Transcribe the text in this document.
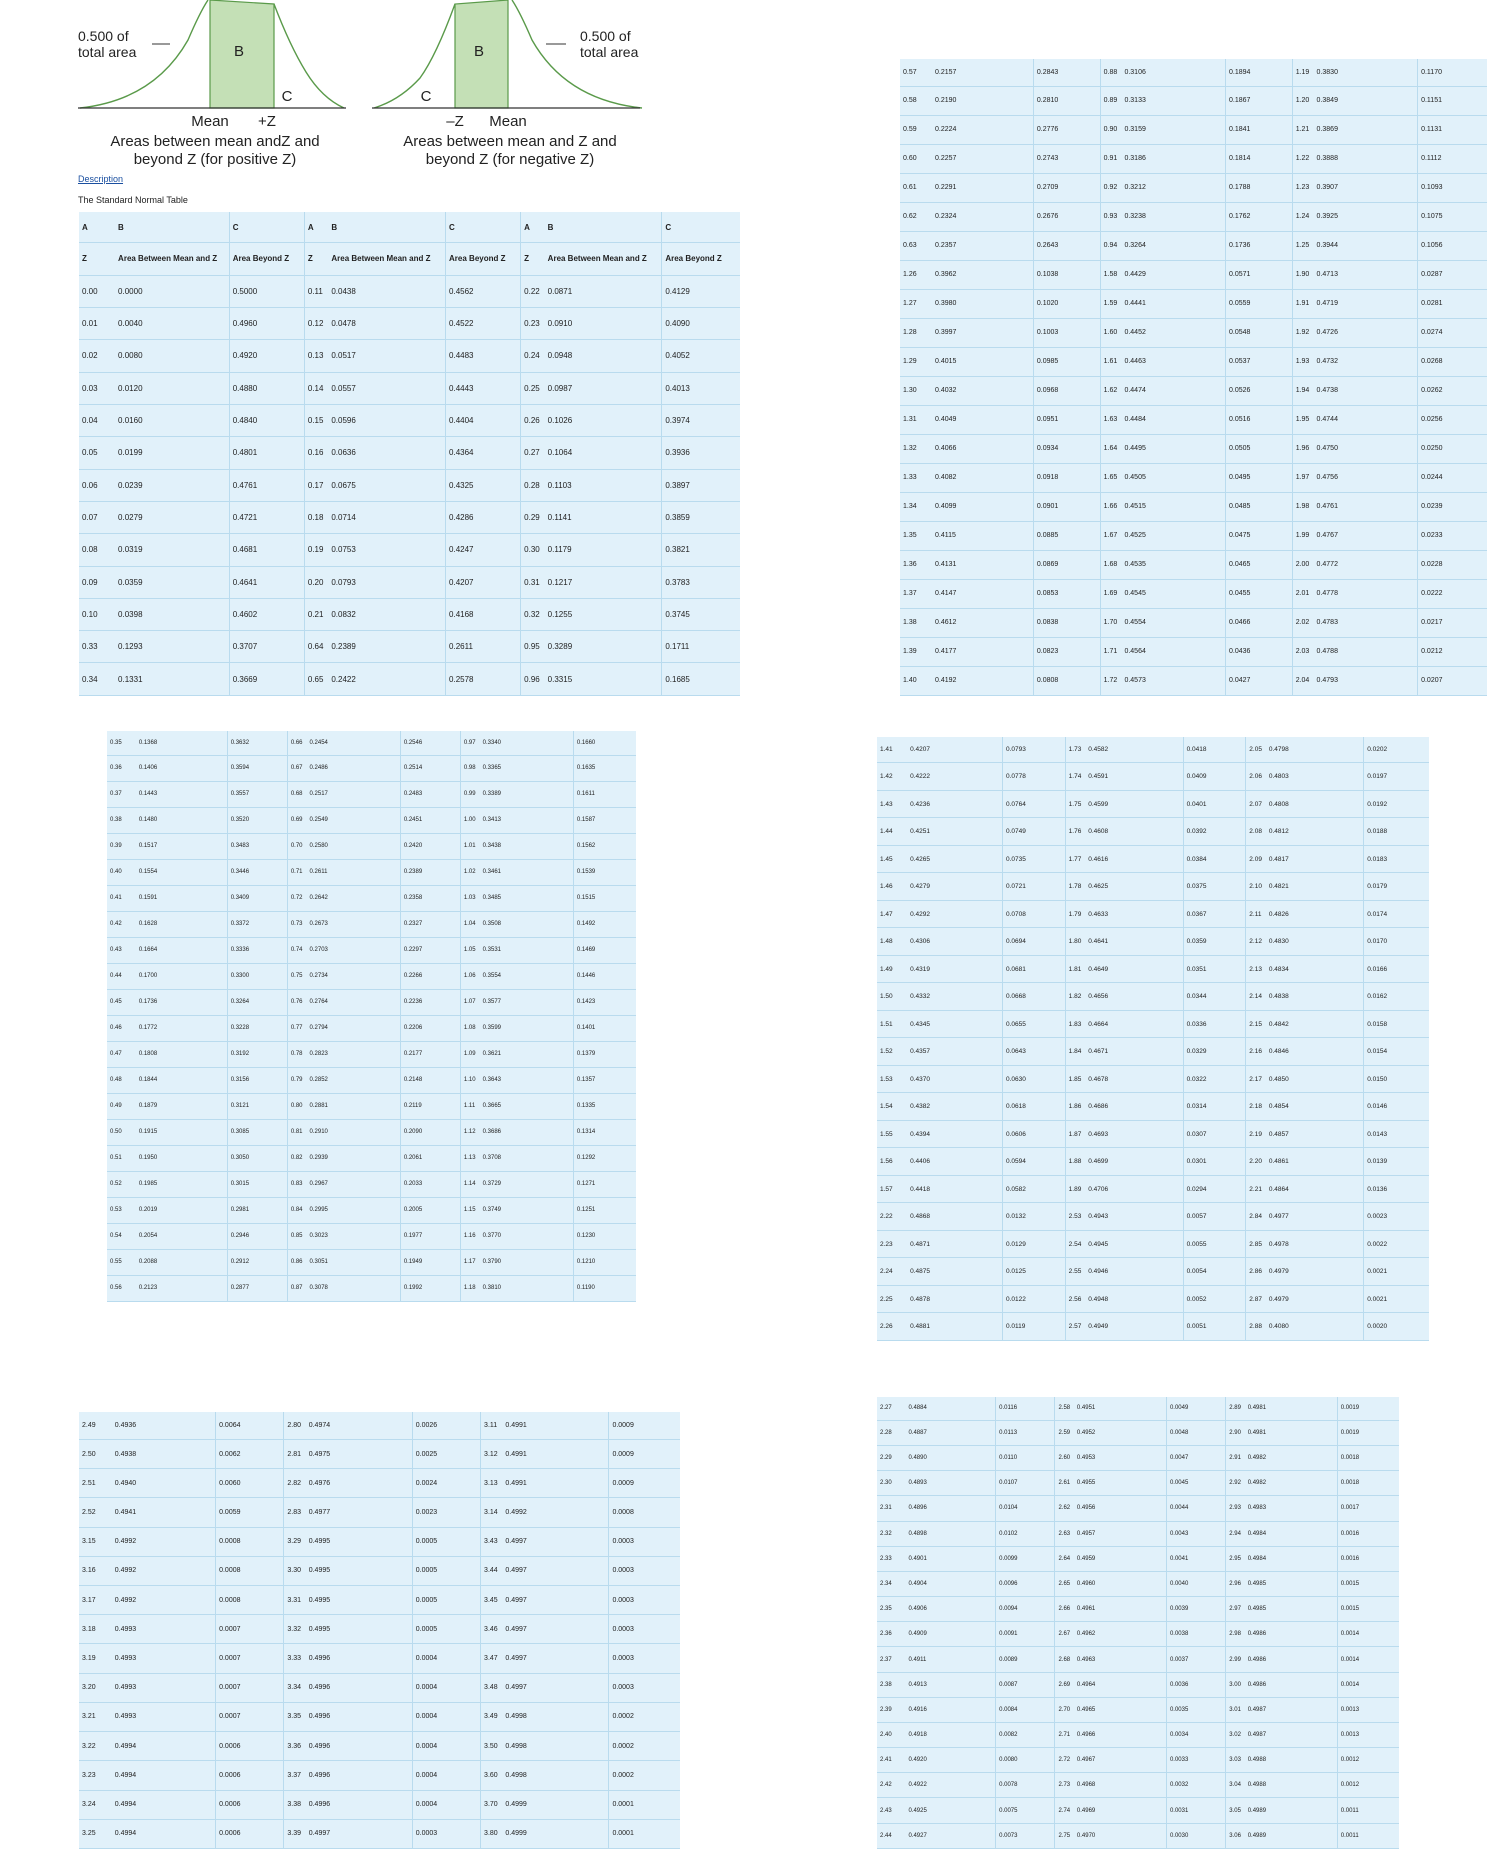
B
C
0.500 of
total area
Mean	+Z
Areas between mean andZ and
beyond Z (for positive Z)
B
C
0.500 of
total area
–Z	Mean
Areas between mean and Z and
beyond Z (for negative Z)
Description
The Standard Normal Table
A	B	C	A	B	C	A	B	C
Z	Area Between Mean and Z	Area Beyond Z	Z	Area Between Mean and Z	Area Beyond Z	Z	Area Between Mean and Z	Area Beyond Z
0.00	0.0000	0.5000	0.11	0.0438	0.4562	0.22	0.0871	0.4129
0.01	0.0040	0.4960	0.12	0.0478	0.4522	0.23	0.0910	0.4090
0.02	0.0080	0.4920	0.13	0.0517	0.4483	0.24	0.0948	0.4052
0.03	0.0120	0.4880	0.14	0.0557	0.4443	0.25	0.0987	0.4013
0.04	0.0160	0.4840	0.15	0.0596	0.4404	0.26	0.1026	0.3974
0.05	0.0199	0.4801	0.16	0.0636	0.4364	0.27	0.1064	0.3936
0.06	0.0239	0.4761	0.17	0.0675	0.4325	0.28	0.1103	0.3897
0.07	0.0279	0.4721	0.18	0.0714	0.4286	0.29	0.1141	0.3859
0.08	0.0319	0.4681	0.19	0.0753	0.4247	0.30	0.1179	0.3821
0.09	0.0359	0.4641	0.20	0.0793	0.4207	0.31	0.1217	0.3783
0.10	0.0398	0.4602	0.21	0.0832	0.4168	0.32	0.1255	0.3745
0.33	0.1293	0.3707	0.64	0.2389	0.2611	0.95	0.3289	0.1711
0.34	0.1331	0.3669	0.65	0.2422	0.2578	0.96	0.3315	0.1685
0.57	0.2157	0.2843	0.88	0.3106	0.1894	1.19	0.3830	0.1170
0.58	0.2190	0.2810	0.89	0.3133	0.1867	1.20	0.3849	0.1151
0.59	0.2224	0.2776	0.90	0.3159	0.1841	1.21	0.3869	0.1131
0.60	0.2257	0.2743	0.91	0.3186	0.1814	1.22	0.3888	0.1112
0.61	0.2291	0.2709	0.92	0.3212	0.1788	1.23	0.3907	0.1093
0.62	0.2324	0.2676	0.93	0.3238	0.1762	1.24	0.3925	0.1075
0.63	0.2357	0.2643	0.94	0.3264	0.1736	1.25	0.3944	0.1056
1.26	0.3962	0.1038	1.58	0.4429	0.0571	1.90	0.4713	0.0287
1.27	0.3980	0.1020	1.59	0.4441	0.0559	1.91	0.4719	0.0281
1.28	0.3997	0.1003	1.60	0.4452	0.0548	1.92	0.4726	0.0274
1.29	0.4015	0.0985	1.61	0.4463	0.0537	1.93	0.4732	0.0268
1.30	0.4032	0.0968	1.62	0.4474	0.0526	1.94	0.4738	0.0262
1.31	0.4049	0.0951	1.63	0.4484	0.0516	1.95	0.4744	0.0256
1.32	0.4066	0.0934	1.64	0.4495	0.0505	1.96	0.4750	0.0250
1.33	0.4082	0.0918	1.65	0.4505	0.0495	1.97	0.4756	0.0244
1.34	0.4099	0.0901	1.66	0.4515	0.0485	1.98	0.4761	0.0239
1.35	0.4115	0.0885	1.67	0.4525	0.0475	1.99	0.4767	0.0233
1.36	0.4131	0.0869	1.68	0.4535	0.0465	2.00	0.4772	0.0228
1.37	0.4147	0.0853	1.69	0.4545	0.0455	2.01	0.4778	0.0222
1.38	0.4612	0.0838	1.70	0.4554	0.0466	2.02	0.4783	0.0217
1.39	0.4177	0.0823	1.71	0.4564	0.0436	2.03	0.4788	0.0212
1.40	0.4192	0.0808	1.72	0.4573	0.0427	2.04	0.4793	0.0207
0.35	0.1368	0.3632	0.66	0.2454	0.2546	0.97	0.3340	0.1660
0.36	0.1406	0.3594	0.67	0.2486	0.2514	0.98	0.3365	0.1635
0.37	0.1443	0.3557	0.68	0.2517	0.2483	0.99	0.3389	0.1611
0.38	0.1480	0.3520	0.69	0.2549	0.2451	1.00	0.3413	0.1587
0.39	0.1517	0.3483	0.70	0.2580	0.2420	1.01	0.3438	0.1562
0.40	0.1554	0.3446	0.71	0.2611	0.2389	1.02	0.3461	0.1539
0.41	0.1591	0.3409	0.72	0.2642	0.2358	1.03	0.3485	0.1515
0.42	0.1628	0.3372	0.73	0.2673	0.2327	1.04	0.3508	0.1492
0.43	0.1664	0.3336	0.74	0.2703	0.2297	1.05	0.3531	0.1469
0.44	0.1700	0.3300	0.75	0.2734	0.2266	1.06	0.3554	0.1446
0.45	0.1736	0.3264	0.76	0.2764	0.2236	1.07	0.3577	0.1423
0.46	0.1772	0.3228	0.77	0.2794	0.2206	1.08	0.3599	0.1401
0.47	0.1808	0.3192	0.78	0.2823	0.2177	1.09	0.3621	0.1379
0.48	0.1844	0.3156	0.79	0.2852	0.2148	1.10	0.3643	0.1357
0.49	0.1879	0.3121	0.80	0.2881	0.2119	1.11	0.3665	0.1335
0.50	0.1915	0.3085	0.81	0.2910	0.2090	1.12	0.3686	0.1314
0.51	0.1950	0.3050	0.82	0.2939	0.2061	1.13	0.3708	0.1292
0.52	0.1985	0.3015	0.83	0.2967	0.2033	1.14	0.3729	0.1271
0.53	0.2019	0.2981	0.84	0.2995	0.2005	1.15	0.3749	0.1251
0.54	0.2054	0.2946	0.85	0.3023	0.1977	1.16	0.3770	0.1230
0.55	0.2088	0.2912	0.86	0.3051	0.1949	1.17	0.3790	0.1210
0.56	0.2123	0.2877	0.87	0.3078	0.1992	1.18	0.3810	0.1190
1.41	0.4207	0.0793	1.73	0.4582	0.0418	2.05	0.4798	0.0202
1.42	0.4222	0.0778	1.74	0.4591	0.0409	2.06	0.4803	0.0197
1.43	0.4236	0.0764	1.75	0.4599	0.0401	2.07	0.4808	0.0192
1.44	0.4251	0.0749	1.76	0.4608	0.0392	2.08	0.4812	0.0188
1.45	0.4265	0.0735	1.77	0.4616	0.0384	2.09	0.4817	0.0183
1.46	0.4279	0.0721	1.78	0.4625	0.0375	2.10	0.4821	0.0179
1.47	0.4292	0.0708	1.79	0.4633	0.0367	2.11	0.4826	0.0174
1.48	0.4306	0.0694	1.80	0.4641	0.0359	2.12	0.4830	0.0170
1.49	0.4319	0.0681	1.81	0.4649	0.0351	2.13	0.4834	0.0166
1.50	0.4332	0.0668	1.82	0.4656	0.0344	2.14	0.4838	0.0162
1.51	0.4345	0.0655	1.83	0.4664	0.0336	2.15	0.4842	0.0158
1.52	0.4357	0.0643	1.84	0.4671	0.0329	2.16	0.4846	0.0154
1.53	0.4370	0.0630	1.85	0.4678	0.0322	2.17	0.4850	0.0150
1.54	0.4382	0.0618	1.86	0.4686	0.0314	2.18	0.4854	0.0146
1.55	0.4394	0.0606	1.87	0.4693	0.0307	2.19	0.4857	0.0143
1.56	0.4406	0.0594	1.88	0.4699	0.0301	2.20	0.4861	0.0139
1.57	0.4418	0.0582	1.89	0.4706	0.0294	2.21	0.4864	0.0136
2.22	0.4868	0.0132	2.53	0.4943	0.0057	2.84	0.4977	0.0023
2.23	0.4871	0.0129	2.54	0.4945	0.0055	2.85	0.4978	0.0022
2.24	0.4875	0.0125	2.55	0.4946	0.0054	2.86	0.4979	0.0021
2.25	0.4878	0.0122	2.56	0.4948	0.0052	2.87	0.4979	0.0021
2.26	0.4881	0.0119	2.57	0.4949	0.0051	2.88	0.4080	0.0020
2.49	0.4936	0.0064	2.80	0.4974	0.0026	3.11	0.4991	0.0009
2.50	0.4938	0.0062	2.81	0.4975	0.0025	3.12	0.4991	0.0009
2.51	0.4940	0.0060	2.82	0.4976	0.0024	3.13	0.4991	0.0009
2.52	0.4941	0.0059	2.83	0.4977	0.0023	3.14	0.4992	0.0008
3.15	0.4992	0.0008	3.29	0.4995	0.0005	3.43	0.4997	0.0003
3.16	0.4992	0.0008	3.30	0.4995	0.0005	3.44	0.4997	0.0003
3.17	0.4992	0.0008	3.31	0.4995	0.0005	3.45	0.4997	0.0003
3.18	0.4993	0.0007	3.32	0.4995	0.0005	3.46	0.4997	0.0003
3.19	0.4993	0.0007	3.33	0.4996	0.0004	3.47	0.4997	0.0003
3.20	0.4993	0.0007	3.34	0.4996	0.0004	3.48	0.4997	0.0003
3.21	0.4993	0.0007	3.35	0.4996	0.0004	3.49	0.4998	0.0002
3.22	0.4994	0.0006	3.36	0.4996	0.0004	3.50	0.4998	0.0002
3.23	0.4994	0.0006	3.37	0.4996	0.0004	3.60	0.4998	0.0002
3.24	0.4994	0.0006	3.38	0.4996	0.0004	3.70	0.4999	0.0001
3.25	0.4994	0.0006	3.39	0.4997	0.0003	3.80	0.4999	0.0001
2.27	0.4884	0.0116	2.58	0.4951	0.0049	2.89	0.4981	0.0019
2.28	0.4887	0.0113	2.59	0.4952	0.0048	2.90	0.4981	0.0019
2.29	0.4890	0.0110	2.60	0.4953	0.0047	2.91	0.4982	0.0018
2.30	0.4893	0.0107	2.61	0.4955	0.0045	2.92	0.4982	0.0018
2.31	0.4896	0.0104	2.62	0.4956	0.0044	2.93	0.4983	0.0017
2.32	0.4898	0.0102	2.63	0.4957	0.0043	2.94	0.4984	0.0016
2.33	0.4901	0.0099	2.64	0.4959	0.0041	2.95	0.4984	0.0016
2.34	0.4904	0.0096	2.65	0.4960	0.0040	2.96	0.4985	0.0015
2.35	0.4906	0.0094	2.66	0.4961	0.0039	2.97	0.4985	0.0015
2.36	0.4909	0.0091	2.67	0.4962	0.0038	2.98	0.4986	0.0014
2.37	0.4911	0.0089	2.68	0.4963	0.0037	2.99	0.4986	0.0014
2.38	0.4913	0.0087	2.69	0.4964	0.0036	3.00	0.4986	0.0014
2.39	0.4916	0.0084	2.70	0.4965	0.0035	3.01	0.4987	0.0013
2.40	0.4918	0.0082	2.71	0.4966	0.0034	3.02	0.4987	0.0013
2.41	0.4920	0.0080	2.72	0.4967	0.0033	3.03	0.4988	0.0012
2.42	0.4922	0.0078	2.73	0.4968	0.0032	3.04	0.4988	0.0012
2.43	0.4925	0.0075	2.74	0.4969	0.0031	3.05	0.4989	0.0011
2.44	0.4927	0.0073	2.75	0.4970	0.0030	3.06	0.4989	0.0011
